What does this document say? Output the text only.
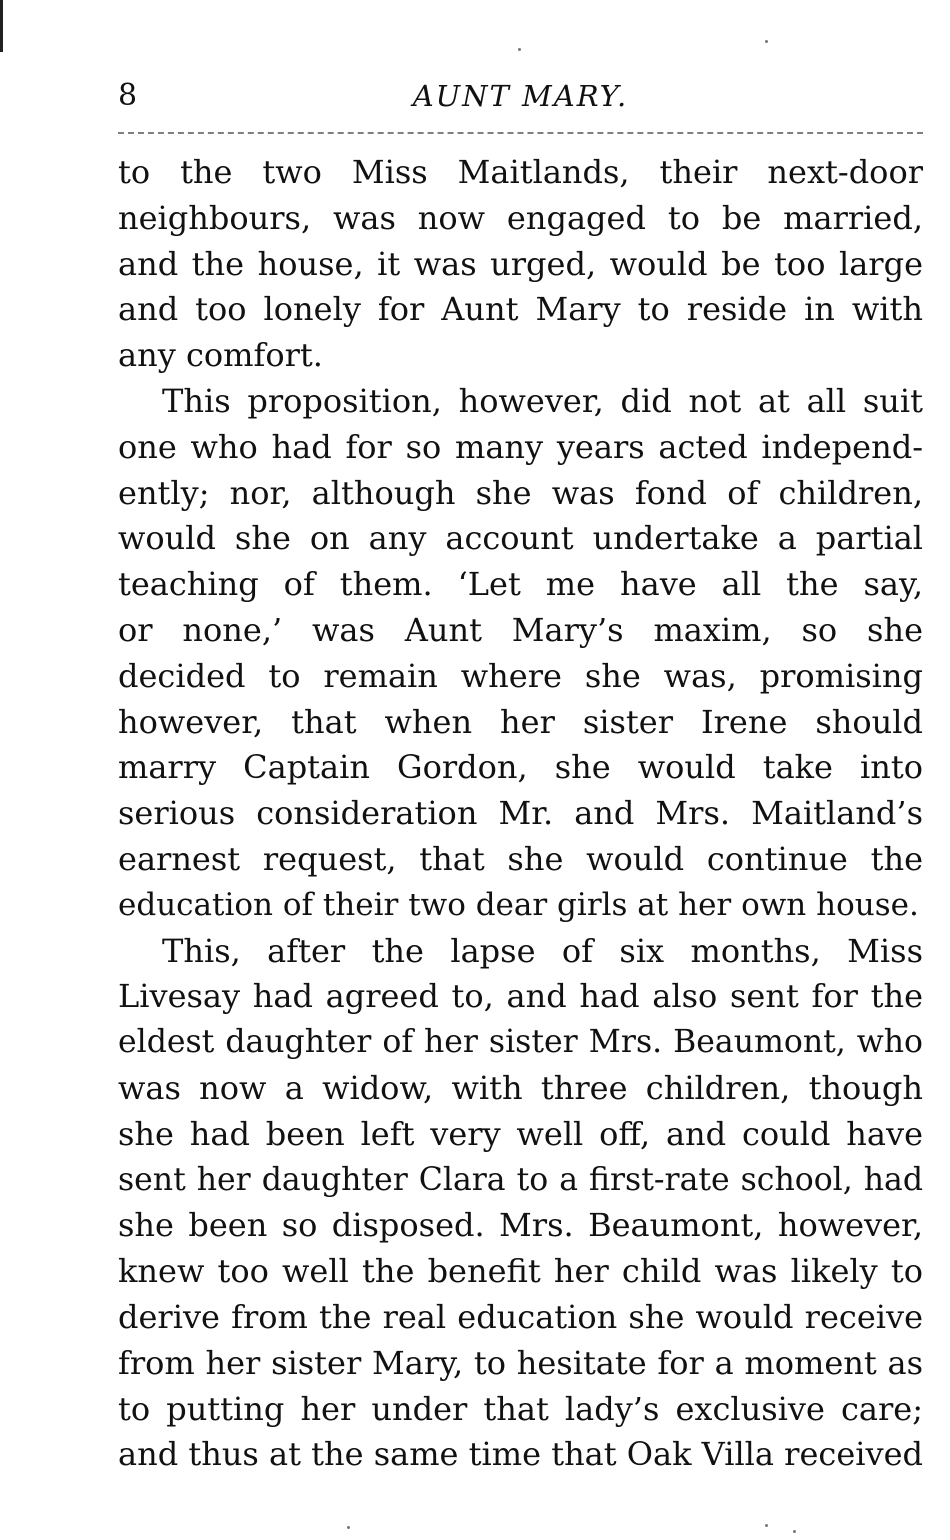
8	AUNT MARY.
to the two Miss Maitlands, their next-door
neighbours, was now engaged to be married,
and the house, it was urged, would be too large
and too lonely for Aunt Mary to reside in with
any comfort.
This proposition, however, did not at all suit
one who had for so many years acted independ-
ently; nor, although she was fond of children,
would she on any account undertake a partial
teaching of them. ‘Let me have all the say,
or none,’ was Aunt Mary’s maxim, so she
decided to remain where she was, promising
however, that when her sister Irene should
marry Captain Gordon, she would take into
serious consideration Mr. and Mrs. Maitland’s
earnest request, that she would continue the
education of their two dear girls at her own house.
This, after the lapse of six months, Miss
Livesay had agreed to, and had also sent for the
eldest daughter of her sister Mrs. Beaumont, who
was now a widow, with three children, though
she had been left very well off, and could have
sent her daughter Clara to a first-rate school, had
she been so disposed. Mrs. Beaumont, however,
knew too well the benefit her child was likely to
derive from the real education she would receive
from her sister Mary, to hesitate for a moment as
to putting her under that lady’s exclusive care;
and thus at the same time that Oak Villa received
